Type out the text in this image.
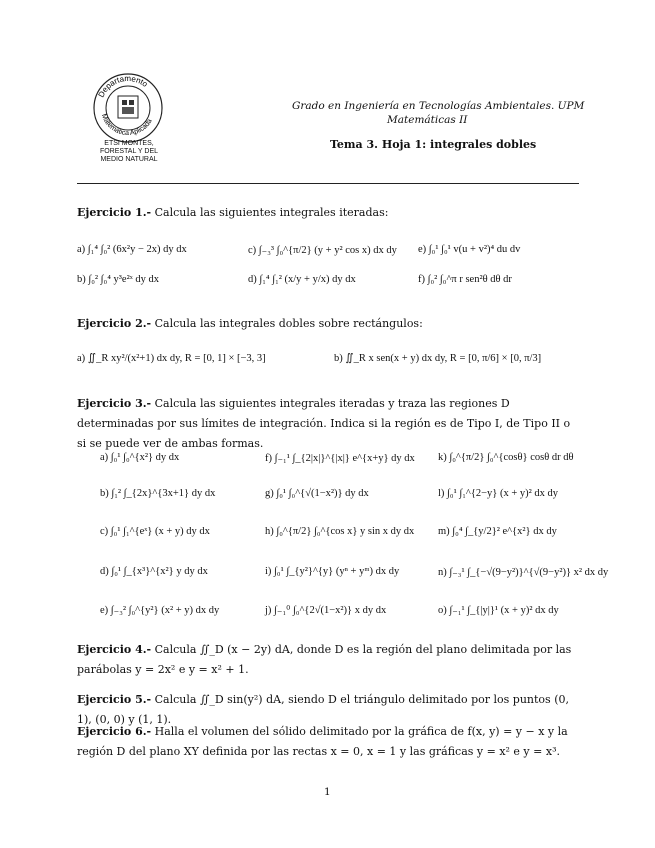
Departamento
Matemática Aplicada
ETSI MONTES,
FORESTAL Y DEL
MEDIO NATURAL
Grado en Ingeniería en Tecnologías Ambientales. UPM
Matemáticas II
Tema 3. Hoja 1: integrales dobles
Ejercicio 1.- Calcula las siguientes integrales iteradas:
a) ∫₁⁴ ∫₀² (6x²y − 2x) dy dx	c) ∫₋₃³ ∫₀^{π/2} (y + y² cos x) dx dy e) ∫₀¹ ∫₀¹ v(u + v²)⁴ du dv
b) ∫₀² ∫₀⁴ y³e²ˣ dy dx	d) ∫₁⁴ ∫₁² (x/y + y/x) dy dx	f) ∫₀² ∫₀^π r sen²θ dθ dr
Ejercicio 2.- Calcula las integrales dobles sobre rectángulos:
a) ∬_R xy²/(x²+1) dx dy, R = [0, 1] × [−3, 3]	b) ∬_R x sen(x + y) dx dy, R = [0, π/6] × [0, π/3]
Ejercicio 3.- Calcula las siguientes integrales iteradas y traza las regiones D determinadas por sus límites de integración. Indica si la región es de Tipo I, de Tipo II o si se puede ver de ambas formas.
a) ∫₀¹ ∫₀^{x²} dy dx	f) ∫₋₁¹ ∫_{2|x|}^{|x|} e^{x+y} dy dx k) ∫₀^{π/2} ∫₀^{cosθ} cosθ dr dθ
b) ∫₁² ∫_{2x}^{3x+1} dy dx	g) ∫₀¹ ∫₀^{√(1−x²)} dy dx	l) ∫₀¹ ∫₁^{2−y} (x + y)² dx dy
c) ∫₀¹ ∫₁^{eˣ} (x + y) dy dx	h) ∫₀^{π/2} ∫₀^{cos x} y sin x dy dx m) ∫₀⁴ ∫_{y/2}² e^{x²} dx dy
d) ∫₀¹ ∫_{x³}^{x²} y dy dx	i) ∫₀¹ ∫_{y²}^{y} (yⁿ + yᵐ) dx dy	n) ∫₋₃¹ ∫_{−√(9−y²)}^{√(9−y²)} x² dx dy
e) ∫₋₃² ∫₀^{y²} (x² + y) dx dy	j) ∫₋₁⁰ ∫₀^{2√(1−x²)} x dy dx	o) ∫₋₁¹ ∫_{|y|}¹ (x + y)² dx dy
Ejercicio 4.- Calcula ∬_D (x − 2y) dA, donde D es la región del plano delimitada por las parábolas y = 2x² e y = x² + 1.
Ejercicio 5.- Calcula ∬_D sin(y²) dA, siendo D el triángulo delimitado por los puntos (0, 1), (0, 0) y (1, 1).
Ejercicio 6.- Halla el volumen del sólido delimitado por la gráfica de f(x, y) = y − x y la región D del plano XY definida por las rectas x = 0, x = 1 y las gráficas y = x² e y = x³.
1
